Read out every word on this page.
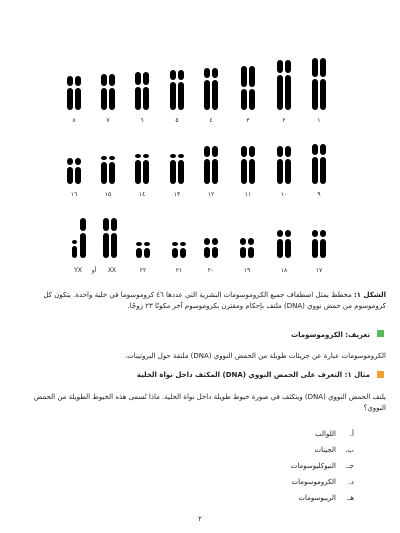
١
٢
٣
٤
٥
٦
٧
٨
٩
١٠
١١
١٢
١٣
١٤
١٥
١٦
١٧
١٨
١٩
٢٠
٢١
٢٢
XX
أو
YX
الشكل ١: مخطط يمثل اصطفاف جميع الكروموسومات البشرية التي عددها ٤٦ كروموسوما في خلية واحدة. يتكون كل كروموسوم من حمض نووي (DNA) ملتف بإحكام ومقترن بكروموسوم آخر مكونًا ٢٣ زوجًا.
تعريف: الكروموسومات
الكروموسومات عبارة عن جزيئات طويلة من الحمض النووي (DNA) ملتفة حول البروتينات.
مثال ١: التعرف على الحمض النووي (DNA) المكثف داخل نواة الخلية
يلتف الحمض النووي (DNA) ويتكثف في صورة خيوط طويلة داخل نواة الخلية. ماذا تُسمى هذه الخيوط الطويلة من الحمض النووي؟
أ.اللوالب
ب.الجينات
جـ.النيوكليوسومات
د.الكروموسومات
هـ.الريبوسومات
٢
